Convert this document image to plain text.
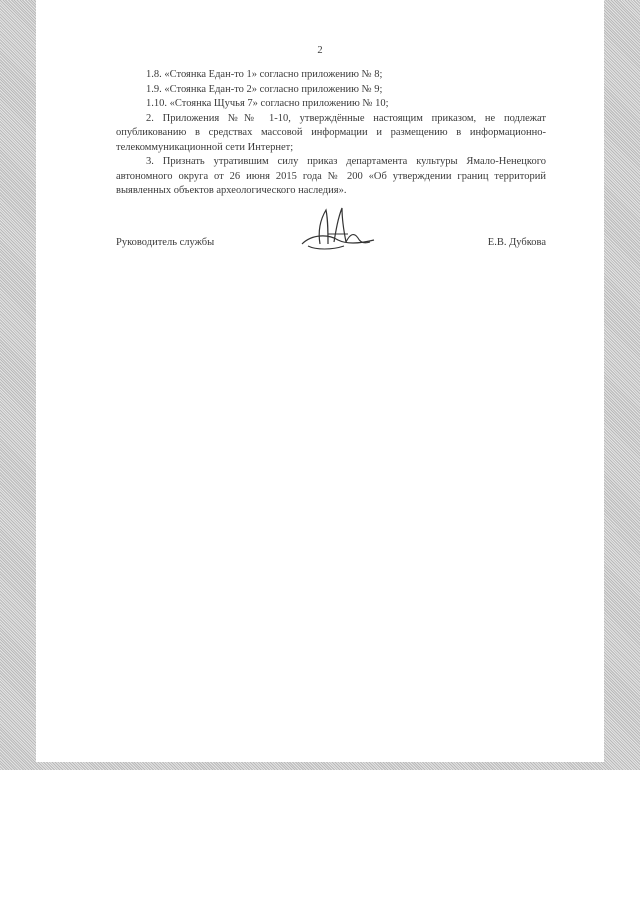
2

1.8. «Стоянка Едан-то 1» согласно приложению № 8;

1.9. «Стоянка Едан-то 2» согласно приложению № 9;

1.10. «Стоянка Щучья 7» согласно приложению № 10;

2. Приложения №№ 1-10, утверждённые настоящим приказом, не подлежат опубликованию в средствах массовой информации и размещению в информационно-телекоммуникационной сети Интернет;

3. Признать утратившим силу приказ департамента культуры Ямало-Ненецкого автономного округа от 26 июня 2015 года № 200 «Об утверждении границ территорий выявленных объектов археологического наследия».

Руководитель службы	Е.В. Дубкова
